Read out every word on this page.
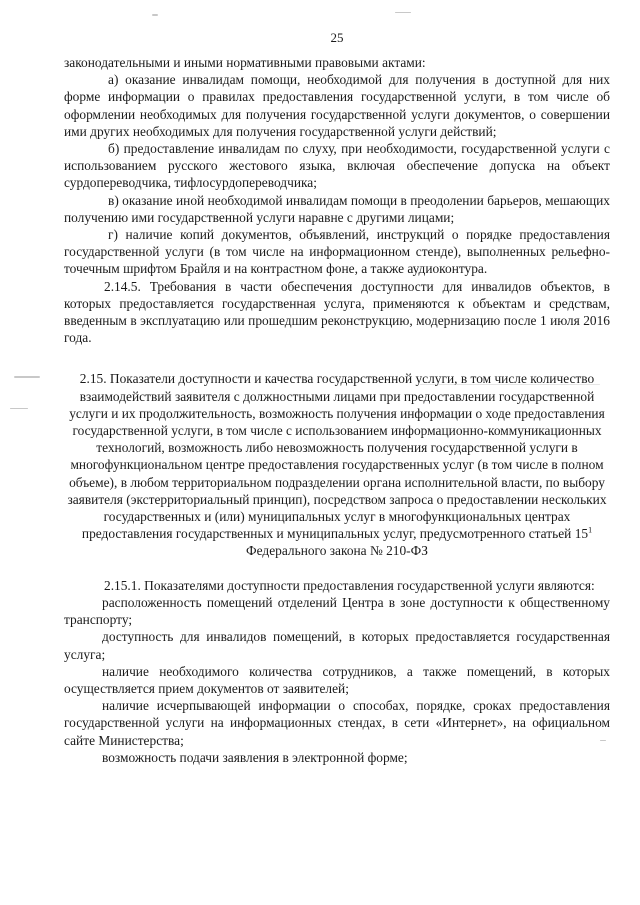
25

законодательными и иными нормативными правовыми актами:

а) оказание инвалидам помощи, необходимой для получения в доступной для них форме информации о правилах предоставления государственной услуги, в том числе об оформлении необходимых для получения государственной услуги документов, о совершении ими других необходимых для получения государственной услуги действий;

б) предоставление инвалидам по слуху, при необходимости, государственной услуги с использованием русского жестового языка, включая обеспечение допуска на объект сурдопереводчика, тифлосурдопереводчика;

в) оказание иной необходимой инвалидам помощи в преодолении барьеров, мешающих получению ими государственной услуги наравне с другими лицами;

г) наличие копий документов, объявлений, инструкций о порядке предоставления государственной услуги (в том числе на информационном стенде), выполненных рельефно-точечным шрифтом Брайля и на контрастном фоне, а также аудиоконтура.

2.14.5. Требования в части обеспечения доступности для инвалидов объектов, в которых предоставляется государственная услуга, применяются к объектам и средствам, введенным в эксплуатацию или прошедшим реконструкцию, модернизацию после 1 июля 2016 года.

2.15. Показатели доступности и качества государственной услуги, в том числе количество взаимодействий заявителя с должностными лицами при предоставлении государственной услуги и их продолжительность, возможность получения информации о ходе предоставления государственной услуги, в том числе с использованием информационно-коммуникационных технологий, возможность либо невозможность получения государственной услуги в многофункциональном центре предоставления государственных услуг (в том числе в полном объеме), в любом территориальном подразделении органа исполнительной власти, по выбору заявителя (экстерриториальный принцип), посредством запроса о предоставлении нескольких государственных и (или) муниципальных услуг в многофункциональных центрах предоставления государственных и муниципальных услуг, предусмотренного статьей $15^1$ Федерального закона № 210-ФЗ

2.15.1. Показателями доступности предоставления государственной услуги являются:

расположенность помещений отделений Центра в зоне доступности к общественному транспорту;

доступность для инвалидов помещений, в которых предоставляется государственная услуга;

наличие необходимого количества сотрудников, а также помещений, в которых осуществляется прием документов от заявителей;

наличие исчерпывающей информации о способах, порядке, сроках предоставления государственной услуги на информационных стендах, в сети «Интернет», на официальном сайте Министерства;

возможность подачи заявления в электронной форме;
